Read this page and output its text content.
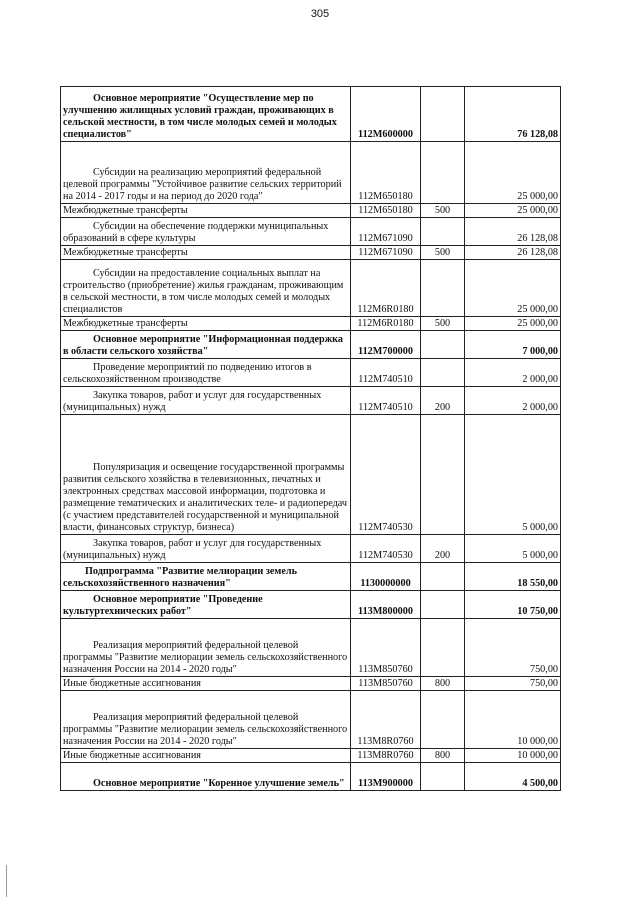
305
Основное мероприятие "Осуществление мер по улучшению жилищных условий граждан, проживающих в сельской местности, в том числе молодых семей и молодых специалистов"	112М600000		76 128,08
Субсидии на реализацию мероприятий федеральной целевой программы "Устойчивое развитие сельских территорий на 2014 - 2017 годы и на период до 2020 года"	112М650180		25 000,00
Межбюджетные трансферты	112М650180	500	25 000,00
Субсидии на обеспечение поддержки муниципальных образований в сфере культуры	112М671090		26 128,08
Межбюджетные трансферты	112М671090	500	26 128,08
Субсидии на предоставление социальных выплат на строительство (приобретение) жилья гражданам, проживающим в сельской местности, в том числе молодых семей и молодых специалистов	112М6R0180		25 000,00
Межбюджетные трансферты	112М6R0180	500	25 000,00
Основное мероприятие "Информационная поддержка в области сельского хозяйства"	112М700000		7 000,00
Проведение мероприятий по подведению итогов в сельскохозяйственном производстве	112М740510		2 000,00
Закупка товаров, работ и услуг для государственных (муниципальных) нужд	112М740510	200	2 000,00
Популяризация и освещение государственной программы развития сельского хозяйства в телевизионных, печатных и электронных средствах массовой информации, подготовка и размещение тематических и аналитических теле- и радиопередач (с участием представителей государственной и муниципальной власти, финансовых структур, бизнеса)	112М740530		5 000,00
Закупка товаров, работ и услуг для государственных (муниципальных) нужд	112М740530	200	5 000,00
Подпрограмма "Развитие мелиорации земель сельскохозяйственного назначения"	1130000000		18 550,00
Основное мероприятие "Проведение культуртехнических работ"	113М800000		10 750,00
Реализация мероприятий федеральной целевой программы "Развитие мелиорации земель сельскохозяйственного назначения России на 2014 - 2020 годы"	113М850760		750,00
Иные бюджетные ассигнования	113М850760	800	750,00
Реализация мероприятий федеральной целевой программы "Развитие мелиорации земель сельскохозяйственного назначения России на 2014 - 2020 годы"	113М8R0760		10 000,00
Иные бюджетные ассигнования	113М8R0760	800	10 000,00
Основное мероприятие "Коренное улучшение земель"	113М900000		4 500,00
